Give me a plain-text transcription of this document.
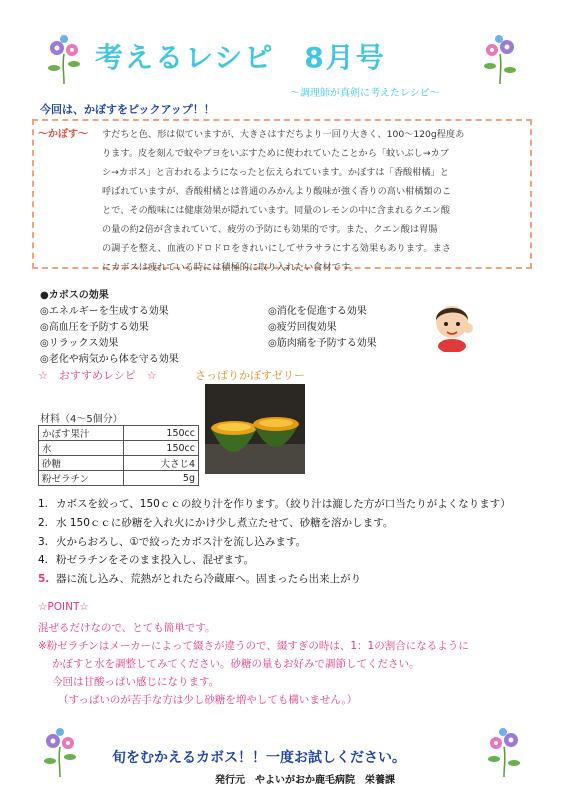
考えるレシピ　8月号
～調理師が真剣に考えたレシピ～
今回は、かぼすをピックアップ！！
～かぼす～ すだちと色、形は似ていますが、大きさはすだちより一回り大きく、100～120g程度あ
ります。皮を刻んで蚊やブヨをいぶすために使われていたことから「蚊いぶし→カブ
シ→カボス」と言われるようになったと伝えられています。かぼすは「香酸柑橘」と
呼ばれていますが、香酸柑橘とは普通のみかんより酸味が強く香りの高い柑橘類のこ
とで、その酸味には健康効果が隠れています。同量のレモンの中に含まれるクエン酸
の量の約2倍が含まれていて、疲労の予防にも効果的です。また、クエン酸は胃腸
の調子を整え、血液のドロドロをきれいにしてサラサラにする効果もあります。まさ
にカボスは疲れている時には積極的に取り入れたい食材です。
●カボスの効果
◎エネルギーを生成する効果
◎高血圧を予防する効果
◎リラックス効果
◎老化や病気から体を守る効果
◎消化を促進する効果
◎疲労回復効果
◎筋肉痛を予防する効果
☆　おすすめレシピ　☆	さっぱりかぼすゼリー
材料（4～5個分）
かぼす果汁	150cc
水	150cc
砂糖	大さじ4
粉ゼラチン	5g
1. カボスを絞って、150ｃｃの絞り汁を作ります。（絞り汁は漉した方が口当たりがよくなります）
2. 水 150ｃｃに砂糖を入れ火にかけ少し煮立たせて、砂糖を溶かします。
3. 火からおろし、①で絞ったカボス汁を流し込みます。
4. 粉ゼラチンをそのまま投入し、混ぜます。
5. 器に流し込み、荒熱がとれたら冷蔵庫へ。固まったら出来上がり
☆POINT☆
混ぜるだけなので、とても簡単です。
※粉ゼラチンはメーカーによって綴さが違うので、綴すぎの時は、1：1の割合になるように
かぼすと水を調整してみてください。砂糖の量もお好みで調節してください。
今回は甘酸っぱい感じになります。
（すっぱいのが苦手な方は少し砂糖を増やしても構いません。）
旬をむかえるカボス！！一度お試しください。
発行元　やよいがおか鹿毛病院　栄養課
